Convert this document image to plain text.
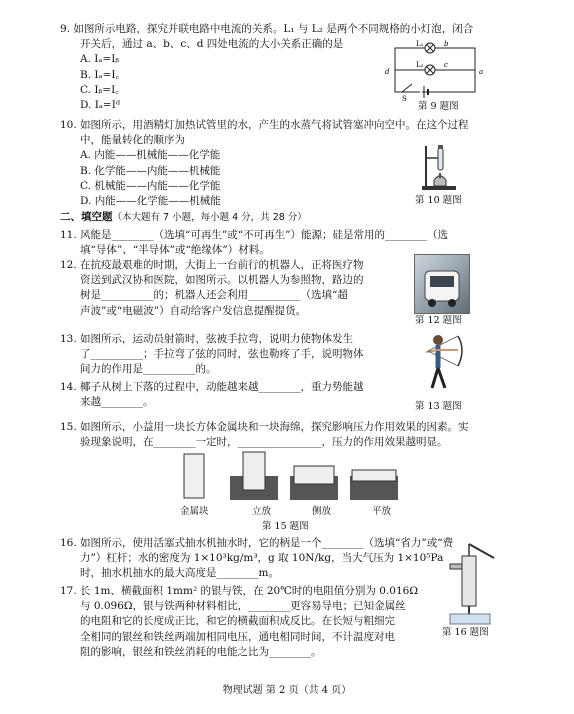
9. 如图所示电路，探究并联电路中电流的关系。L₁ 与 L₂ 是两个不同规格的小灯泡，闭合
开关后，通过 a、b、c、d 四处电流的大小关系正确的是
A. Iₐ=Iᵦ
B. Iₐ=I꜀
C. Iᵦ=I꜀
D. Iₐ=Iᵈ
L₁
L₂
b
c
a
d
S
第 9 题图
10. 如图所示，用酒精灯加热试管里的水，产生的水蒸气将试管塞冲向空中。在这个过程
中，能量转化的顺序为
A. 内能——机械能——化学能
B. 化学能——内能——机械能
C. 机械能——内能——化学能
D. 内能——化学能——机械能	第 10 题图
二、填空题（本大题有 7 小题，每小题 4 分，共 28 分）
11. 风能是________（选填“可再生”或“不可再生”）能源；硅是常用的________（选
填“导体”、“半导体”或“绝缘体”）材料。
12. 在抗疫最艰难的时期，大街上一台前行的机器人，正将医疗物
资送到武汉协和医院，如图所示。以机器人为参照物，路边的
树是__________的；机器人还会利用__________（选填“超
声波”或“电磁波”）自动给客户发信息提醒提货。
第 12 题图
13. 如图所示，运动员射箭时，弦被手拉弯，说明力使物体发生
了__________；手拉弯了弦的同时，弦也勒疼了手，说明物体
间力的作用是__________的。
第 13 题图
14. 椰子从树上下落的过程中，动能越来越________，重力势能越
来越________。
15. 如图所示，小益用一块长方体金属块和一块海绵，探究影响压力作用效果的因素。实
验现象说明，在________一定时，________________，压力的作用效果越明显。
金属块	立放	侧放	平放
第 15 题图
16. 如图所示，使用活塞式抽水机抽水时，它的柄是一个________（选填“省力”或“费
力”）杠杆；水的密度为 1×10³kg/m³，g 取 10N/kg，当大气压为 1×10⁵Pa
时，抽水机抽水的最大高度是________m。
第 16 题图
17. 长 1m、横截面积 1mm² 的银与铁，在 20℃时的电阻值分别为 0.016Ω
与 0.096Ω，银与铁两种材料相比，________更容易导电；已知金属丝
的电阻和它的长度成正比，和它的横截面积成反比。在长短与粗细完
全相同的银丝和铁丝两端加相同电压，通电相同时间，不计温度对电
阻的影响，银丝和铁丝消耗的电能之比为________。
物理试题 第 2 页（共 4 页）
